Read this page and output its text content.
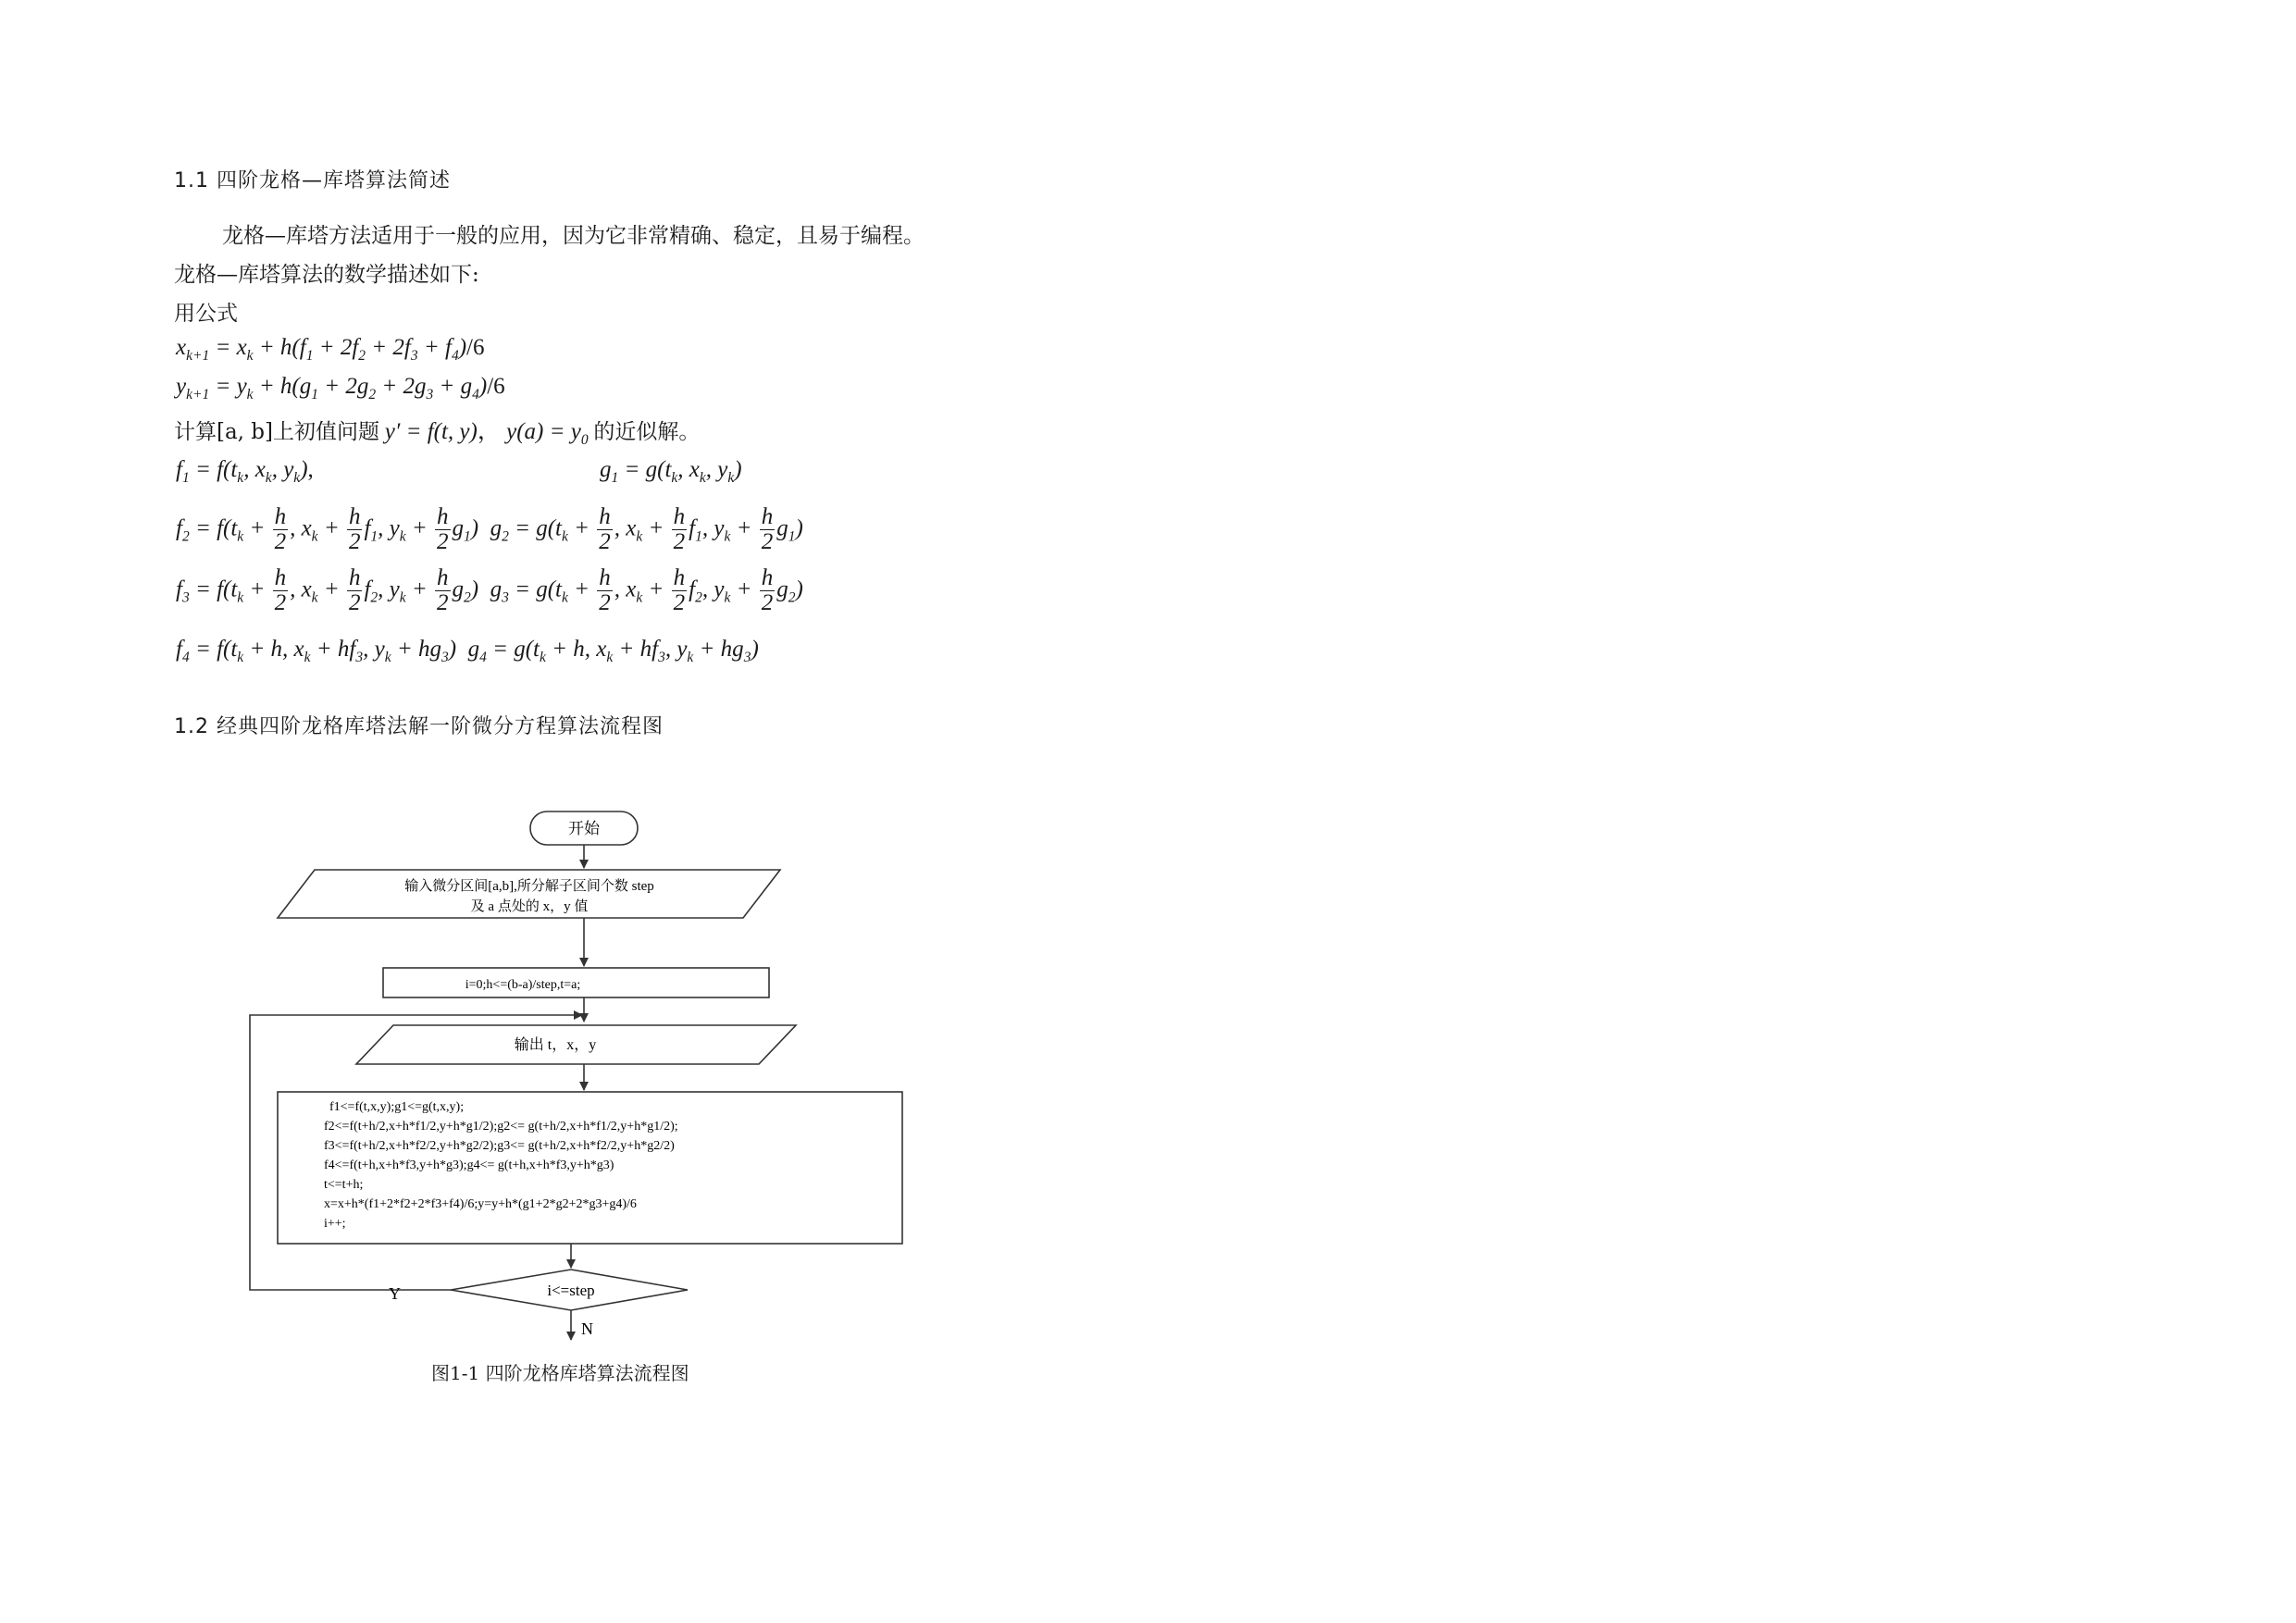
1.1 四阶龙格—库塔算法简述
龙格—库塔方法适用于一般的应用，因为它非常精确、稳定，且易于编程。
龙格—库塔算法的数学描述如下:
用公式
$x_{k+1} = x_k + h(f_1 + 2f_2 + 2f_3 + f_4)/6$
$y_{k+1} = y_k + h(g_1 + 2g_2 + 2g_3 + g_4)/6$
计算[a, b]上初值问题 y′ = f(t, y)， $y(a) = y_0$ 的近似解。
$f_1 = f(t_k$, $x_k$, $y_k$),	$g_1 = g(t_k$, $x_k$, $y_k$)
$f_2 = f(t_k + \frac{h}{2}$ , $x_k + \frac{h}{2} f_1$, $y_k + \frac{h}{2} g_1$)  $g_2 = g(t_k + \frac{h}{2}$ , $x_k + \frac{h}{2} f_1$, $y_k + \frac{h}{2} g_1$)
$f_3 = f(t_k + \frac{h}{2}$ , $x_k + \frac{h}{2} f_2$, $y_k + \frac{h}{2} g_2$)  $g_3 = g(t_k + \frac{h}{2}$ , $x_k + \frac{h}{2} f_2$, $y_k + \frac{h}{2} g_2$)
$f_4 = f(t_k + h$, $x_k + hf_3$, $y_k + hg_3$)  $g_4 = g(t_k + h$, $x_k + hf_3$, $y_k + hg_3$)
1.2 经典四阶龙格库塔法解一阶微分方程算法流程图
开始
输入微分区间[a,b],所分解子区间个数 step
及 a 点处的 x，y 值
i=0;h<=(b-a)/step,t=a;
Y
输出 t，x，y
f1<=f(t,x,y);g1<=g(t,x,y);
f2<=f(t+h/2,x+h*f1/2,y+h*g1/2);g2<= g(t+h/2,x+h*f1/2,y+h*g1/2);
f3<=f(t+h/2,x+h*f2/2,y+h*g2/2);g3<= g(t+h/2,x+h*f2/2,y+h*g2/2)
f4<=f(t+h,x+h*f3,y+h*g3);g4<= g(t+h,x+h*f3,y+h*g3)
t<=t+h;
x=x+h*(f1+2*f2+2*f3+f4)/6;y=y+h*(g1+2*g2+2*g3+g4)/6
i++;
i<=step
N
图1-1 四阶龙格库塔算法流程图
